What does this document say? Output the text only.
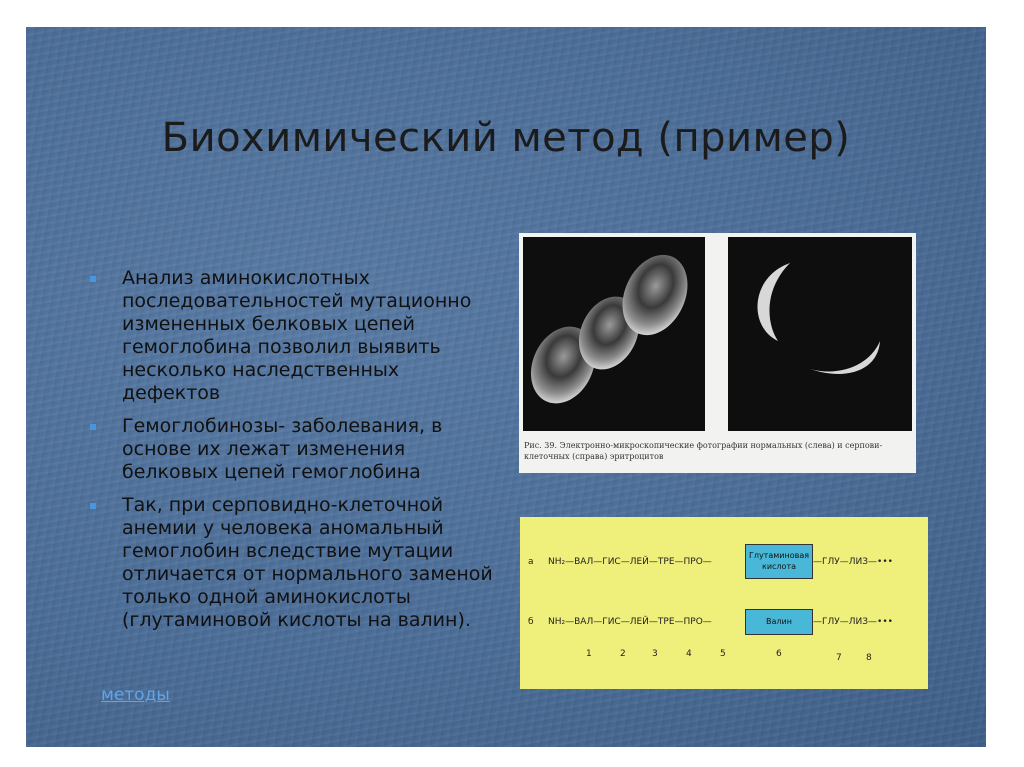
Биохимический метод (пример)
Анализ аминокислотных последовательностей мутационно измененных белковых цепей гемоглобина позволил выявить несколько наследственных дефектов
Гемоглобинозы- заболевания, в основе их лежат изменения белковых цепей гемоглобина
Так, при серповидно-клеточной анемии у человека аномальный гемоглобин вследствие мутации отличается от нормального заменой только одной аминокислоты (глутаминовой кислоты на валин).
методы
Рис. 39. Электронно-микроскопические фотографии нормальных (слева) и серпови-
клеточных (справа) эритроцитов
а NH₂—ВАЛ—ГИС—ЛЕЙ—ТРЕ—ПРО—
Глутаминовая
кислота	—ГЛУ—ЛИЗ—•••
б NH₂—ВАЛ—ГИС—ЛЕЙ—ТРЕ—ПРО—	Валин	—ГЛУ—ЛИЗ—•••
1	2	3	4	5	6	7	8
